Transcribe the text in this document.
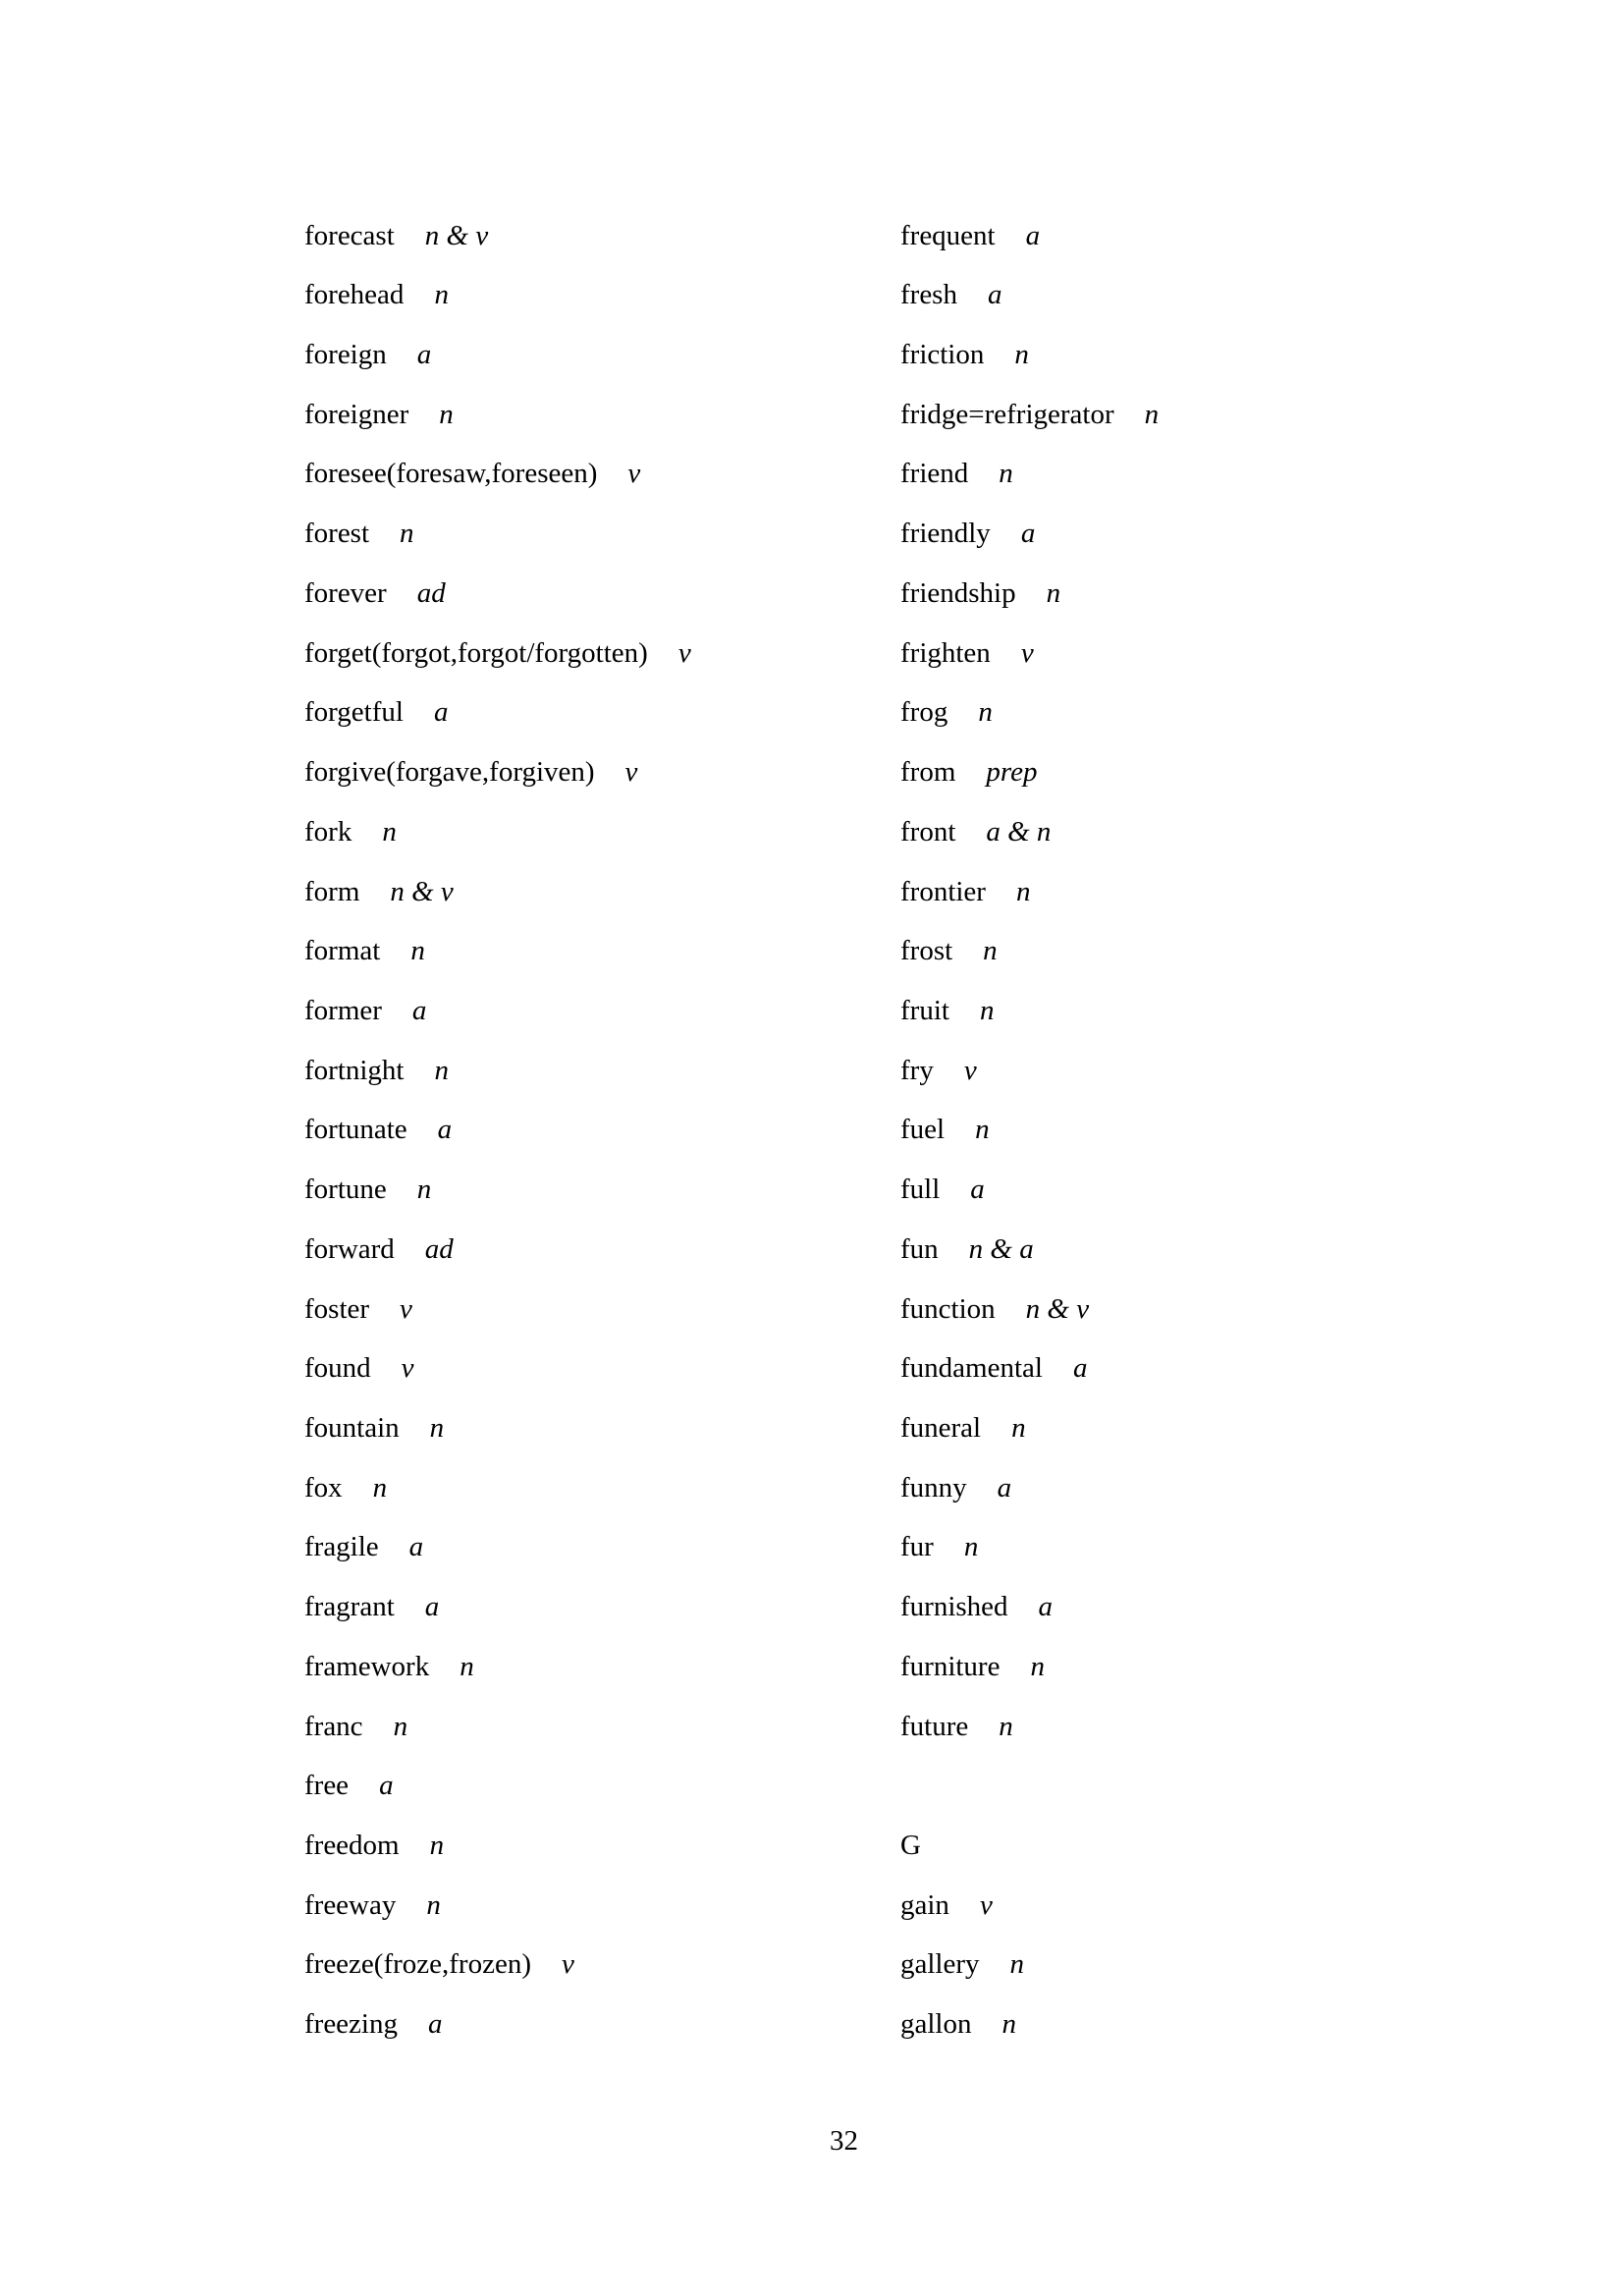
forecast n & v
forehead n
foreign a
foreigner n
foresee(foresaw,foreseen) v
forest n
forever ad
forget(forgot,forgot/forgotten) v
forgetful a
forgive(forgave,forgiven) v
fork n
form n & v
format n
former a
fortnight n
fortunate a
fortune n
forward ad
foster v
found v
fountain n
fox n
fragile a
fragrant a
framework n
franc n
free a
freedom n
freeway n
freeze(froze,frozen) v
freezing a
frequent a
fresh a
friction n
fridge=refrigerator n
friend n
friendly a
friendship n
frighten v
frog n
from prep
front a & n
frontier n
frost n
fruit n
fry v
fuel n
full a
fun n & a
function n & v
fundamental a
funeral n
funny a
fur n
furnished a
furniture n
future n
G
gain v
gallery n
gallon n
32
